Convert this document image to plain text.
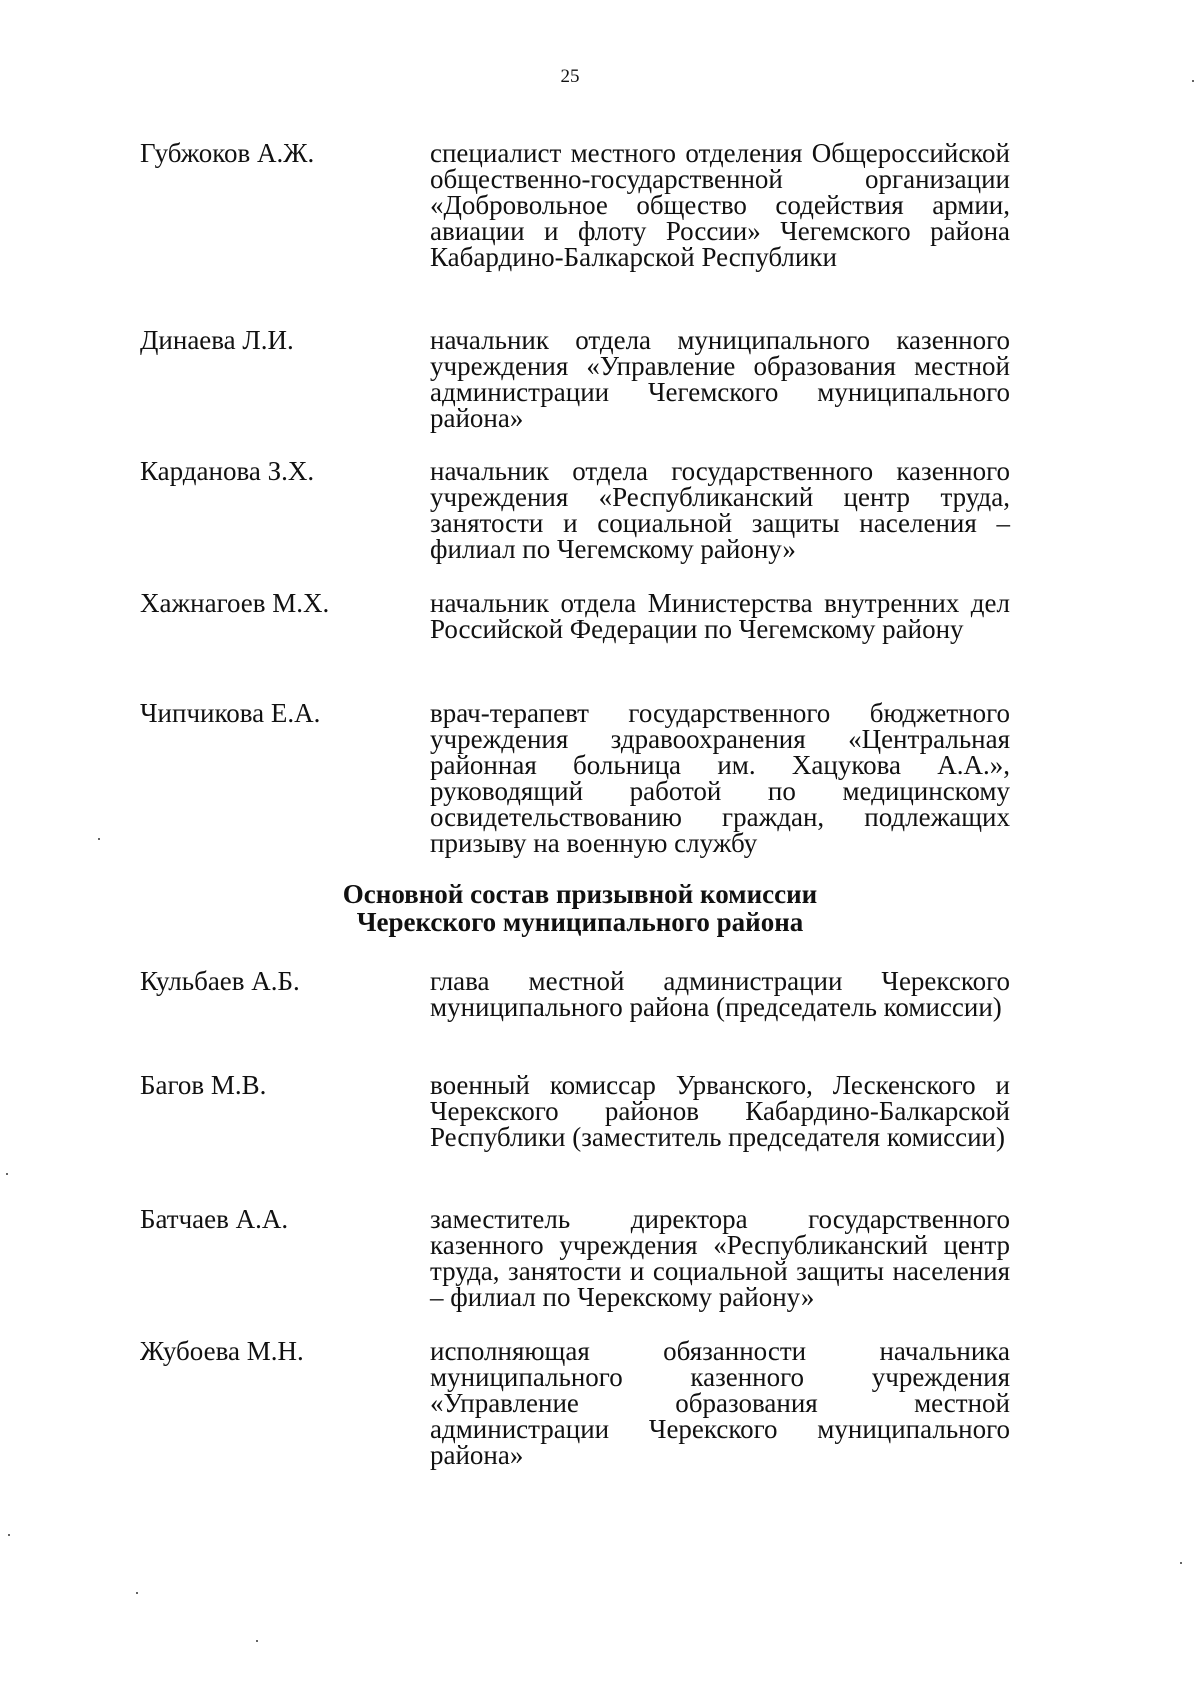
25
Губжоков А.Ж.	специалист местного отделения Общероссийской общественно-государственной организации «Добровольное общество содействия армии, авиации и флоту России» Чегемского района Кабардино-Балкарской Республики
Динаева Л.И.	начальник отдела муниципального казенного учреждения «Управление образования местной администрации Чегемского муниципального района»
Карданова З.Х.	начальник отдела государственного казенного учреждения «Республиканский центр труда, занятости и социальной защиты населения – филиал по Чегемскому району»
Хажнагоев М.Х.	начальник отдела Министерства внутренних дел Российской Федерации по Чегемскому району
Чипчикова Е.А.	врач-терапевт государственного бюджетного учреждения здравоохранения «Центральная районная больница им. Хацукова А.А.», руководящий работой по медицинскому освидетельствованию граждан, подлежащих призыву на военную службу
Основной состав призывной комиссии
Черекского муниципального района
Кульбаев А.Б.	глава местной администрации Черекского муниципального района (председатель комиссии)
Багов М.В.	военный комиссар Урванского, Лескенского и Черекского районов Кабардино-Балкарской Республики (заместитель председателя комиссии)
Батчаев А.А.	заместитель директора государственного казенного учреждения «Республиканский центр труда, занятости и социальной защиты населения – филиал по Черекскому району»
Жубоева М.Н.	исполняющая обязанности начальника муниципального казенного учреждения «Управление образования местной администрации Черекского муниципального района»
